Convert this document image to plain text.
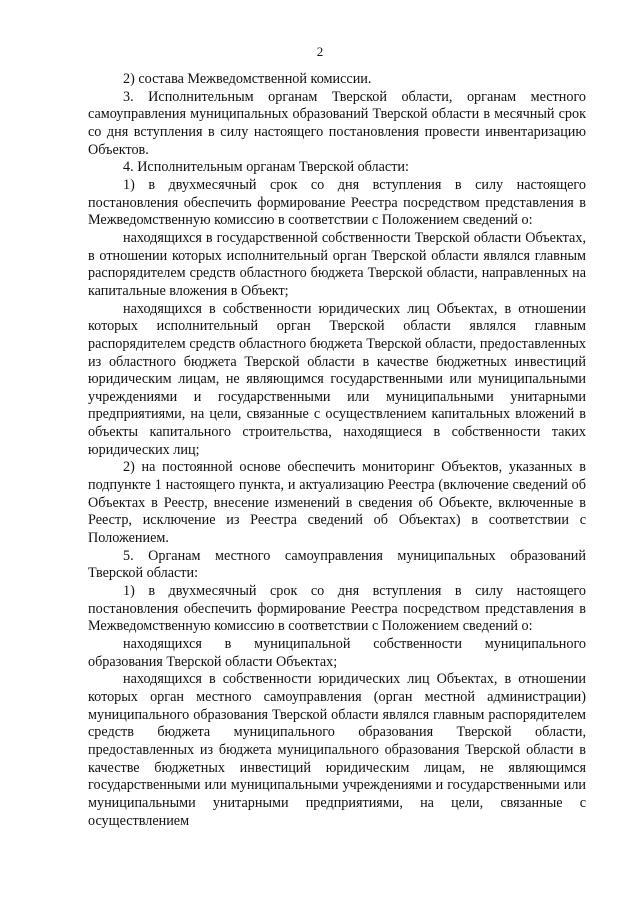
2

2) состава Межведомственной комиссии.

3. Исполнительным органам Тверской области, органам местного самоуправления муниципальных образований Тверской области в месячный срок со дня вступления в силу настоящего постановления провести инвентаризацию Объектов.

4. Исполнительным органам Тверской области:

1) в двухмесячный срок со дня вступления в силу настоящего постановления обеспечить формирование Реестра посредством представления в Межведомственную комиссию в соответствии с Положением сведений о:

находящихся в государственной собственности Тверской области Объектах, в отношении которых исполнительный орган Тверской области являлся главным распорядителем средств областного бюджета Тверской области, направленных на капитальные вложения в Объект;

находящихся в собственности юридических лиц Объектах, в отношении которых исполнительный орган Тверской области являлся главным распорядителем средств областного бюджета Тверской области, предоставленных из областного бюджета Тверской области в качестве бюджетных инвестиций юридическим лицам, не являющимся государственными или муниципальными учреждениями и государственными или муниципальными унитарными предприятиями, на цели, связанные с осуществлением капитальных вложений в объекты капитального строительства, находящиеся в собственности таких юридических лиц;

2) на постоянной основе обеспечить мониторинг Объектов, указанных в подпункте 1 настоящего пункта, и актуализацию Реестра (включение сведений об Объектах в Реестр, внесение изменений в сведения об Объекте, включенные в Реестр, исключение из Реестра сведений об Объектах) в соответствии с Положением.

5. Органам местного самоуправления муниципальных образований Тверской области:

1) в двухмесячный срок со дня вступления в силу настоящего постановления обеспечить формирование Реестра посредством представления в Межведомственную комиссию в соответствии с Положением сведений о:

находящихся в муниципальной собственности муниципального образования Тверской области Объектах;

находящихся в собственности юридических лиц Объектах, в отношении которых орган местного самоуправления (орган местной администрации) муниципального образования Тверской области являлся главным распорядителем средств бюджета муниципального образования Тверской области, предоставленных из бюджета муниципального образования Тверской области в качестве бюджетных инвестиций юридическим лицам, не являющимся государственными или муниципальными учреждениями и государственными или муниципальными унитарными предприятиями, на цели, связанные с осуществлением
